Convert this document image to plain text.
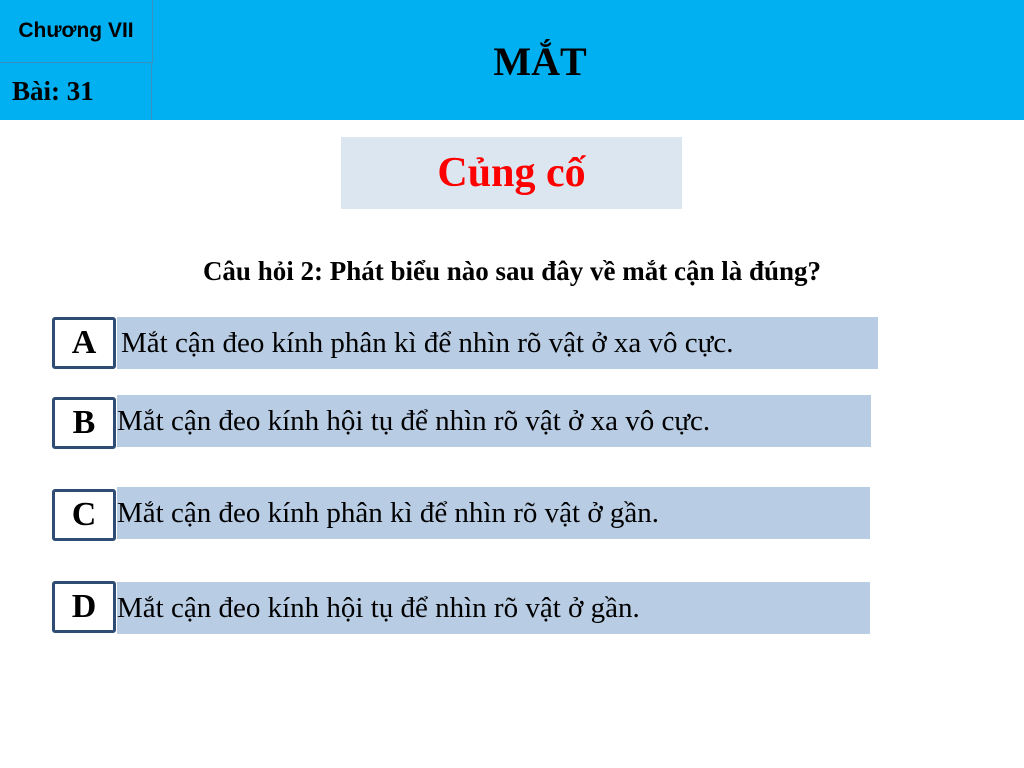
Chương VII
Bài: 31
MẮT
Củng cố
Câu hỏi 2: Phát biểu nào sau đây về mắt cận là đúng?
Mắt cận đeo kính phân kì để nhìn rõ vật ở xa vô cực.
A
Mắt cận đeo kính hội tụ để nhìn rõ vật ở xa vô cực.
B
Mắt cận đeo kính phân kì để nhìn rõ vật ở gần.
C
Mắt cận đeo kính hội tụ để nhìn rõ vật ở gần.
D
